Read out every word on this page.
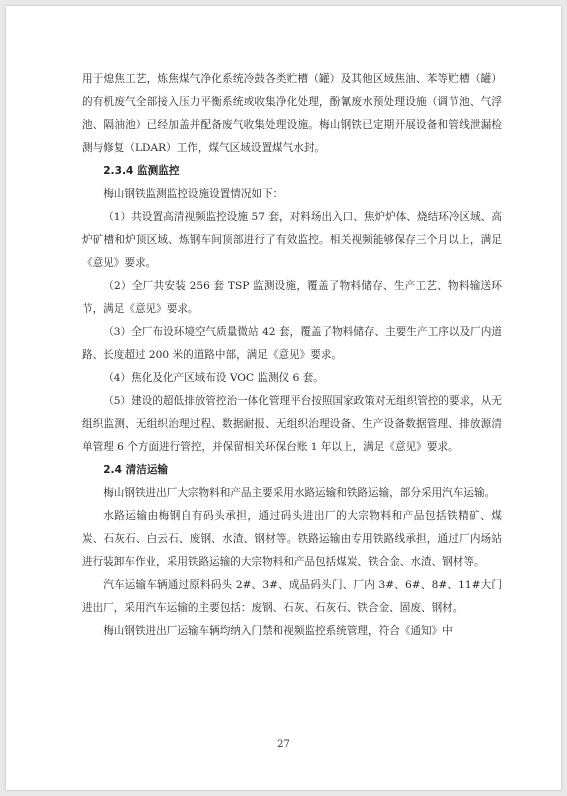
用于熄焦工艺，炼焦煤气净化系统冷鼓各类贮槽（罐）及其他区域焦油、苯等贮槽（罐）的有机废气全部接入压力平衡系统或收集净化处理，酚氰废水预处理设施（调节池、气浮池、隔油池）已经加盖并配备废气收集处理设施。梅山钢铁已定期开展设备和管线泄漏检测与修复（LDAR）工作，煤气区域设置煤气水封。

2.3.4 监测监控

梅山钢铁监测监控设施设置情况如下：

（1）共设置高清视频监控设施 57 套，对料场出入口、焦炉炉体、烧结环冷区域、高炉矿槽和炉顶区域、炼钢车间顶部进行了有效监控。相关视频能够保存三个月以上，满足《意见》要求。

（2）全厂共安装 256 套 TSP 监测设施，覆盖了物料储存、生产工艺、物料输送环节，满足《意见》要求。

（3）全厂布设环境空气质量微站 42 套，覆盖了物料储存、主要生产工序以及厂内道路、长度超过 200 米的道路中部，满足《意见》要求。

（4）焦化及化产区域布设 VOC 监测仪 6 套。

（5）建设的超低排放管控治一体化管理平台按照国家政策对无组织管控的要求，从无组织监测、无组织治理过程、数据耐报、无组织治理设备、生产设备数据管理、排放源清单管理 6 个方面进行管控，并保留相关环保台账 1 年以上，满足《意见》要求。

2.4 清洁运输

梅山钢铁进出厂大宗物料和产品主要采用水路运输和铁路运输，部分采用汽车运输。

水路运输由梅钢自有码头承担，通过码头进出厂的大宗物料和产品包括铁精矿、煤炭、石灰石、白云石、废钢、水渣、钢材等。铁路运输由专用铁路线承担，通过厂内场站进行装卸车作业，采用铁路运输的大宗物料和产品包括煤炭、铁合金、水渣、钢材等。

汽车运输车辆通过原料码头 2#、3#、成品码头门、厂内 3#、6#、8#、11#大门进出厂，采用汽车运输的主要包括：废钢、石灰、石灰石、铁合金、固废、钢材。

梅山钢铁进出厂运输车辆均纳入门禁和视频监控系统管理，符合《通知》中

27
